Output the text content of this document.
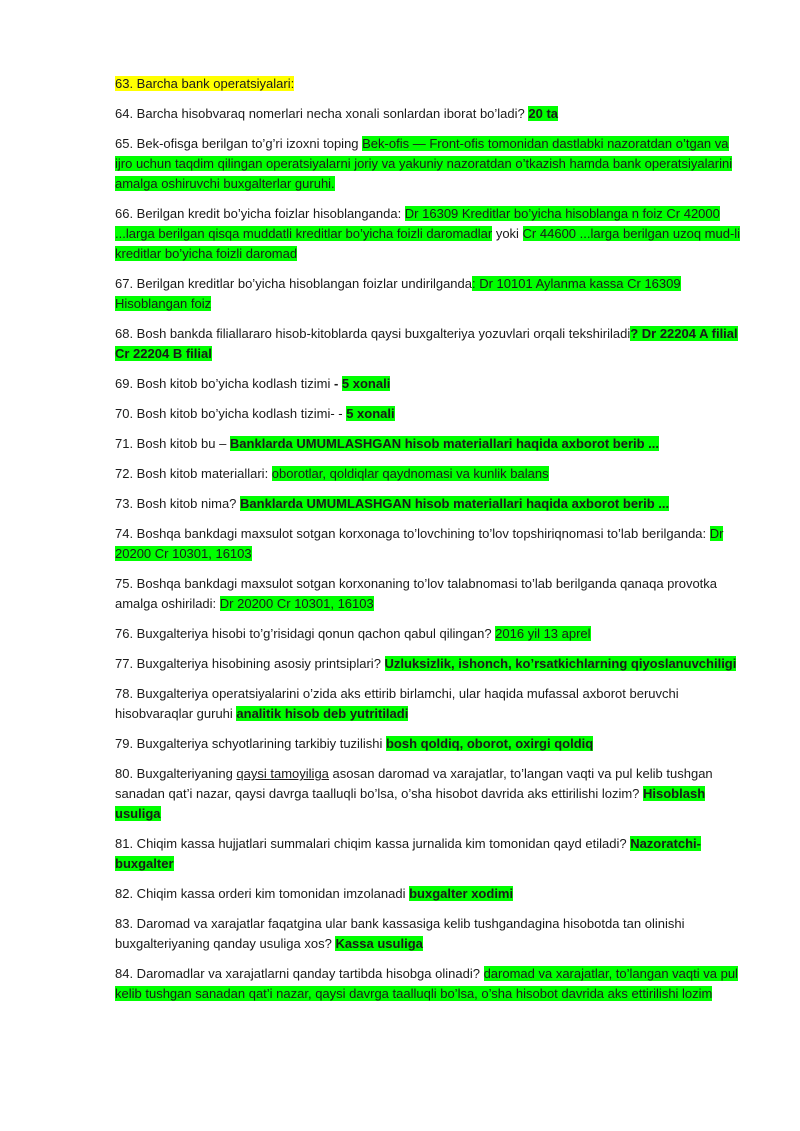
63. Barcha bank operatsiyalari:

64. Barcha hisobvaraq nomerlari necha xonali sonlardan iborat bo’ladi? 20 ta

65. Bek-ofisga berilgan to’g’ri izoxni toping Bek-ofis — Front-ofis tomonidan dastlabki nazoratdan o’tgan va ijro uchun taqdim qilingan operatsiyalarni joriy va yakuniy nazoratdan o’tkazish hamda bank operatsiyalarini amalga oshiruvchi buxgalterlar guruhi.

66. Berilgan kredit bo’yicha foizlar hisoblanganda: Dr 16309 Kreditlar bo’yicha hisoblanga n foiz Cr 42000 ...larga berilgan qisqa muddatli kreditlar bo’yicha foizli daromadlar yoki Cr 44600 ...larga berilgan uzoq mud-li kreditlar bo’yicha foizli daromad

67. Berilgan kreditlar bo’yicha hisoblangan foizlar undirilganda: Dr 10101 Aylanma kassa Cr 16309 Hisoblangan foiz

68. Bosh bankda filiallararo hisob-kitoblarda qaysi buxgalteriya yozuvlari orqali tekshiriladi? Dr 22204 A filial Cr 22204 B filial

69. Bosh kitob bo’yicha kodlash tizimi - 5 xonali

70. Bosh kitob bo’yicha kodlash tizimi- - 5 xonali

71. Bosh kitob bu – Banklarda UMUMLASHGAN hisob materiallari haqida axborot berib ...

72. Bosh kitob materiallari: oborotlar, qoldiqlar qaydnomasi va kunlik balans

73. Bosh kitob nima? Banklarda UMUMLASHGAN hisob materiallari haqida axborot berib ...

74. Boshqa bankdagi maxsulot sotgan korxonaga to’lovchining to’lov topshiriqnomasi to’lab berilganda: Dr 20200 Cr 10301, 16103

75. Boshqa bankdagi maxsulot sotgan korxonaning to’lov talabnomasi to’lab berilganda qanaqa provotka amalga oshiriladi: Dr 20200 Cr 10301, 16103

76. Buxgalteriya hisobi to’g’risidagi qonun qachon qabul qilingan? 2016 yil 13 aprel

77. Buxgalteriya hisobining asosiy printsiplari? Uzluksizlik, ishonch, ko’rsatkichlarning qiyoslanuvchiligi

78. Buxgalteriya operatsiyalarini o’zida aks ettirib birlamchi, ular haqida mufassal axborot beruvchi hisobvaraqlar guruhi analitik hisob deb yutritiladi

79. Buxgalteriya schyotlarining tarkibiy tuzilishi bosh qoldiq, oborot, oxirgi qoldiq

80. Buxgalteriyaning qaysi tamoyiliga asosan daromad va xarajatlar, to’langan vaqti va pul kelib tushgan sanadan qat’i nazar, qaysi davrga taalluqli bo’lsa, o’sha hisobot davrida aks ettirilishi lozim? Hisoblash usuliga

81. Chiqim kassa hujjatlari summalari chiqim kassa jurnalida kim tomonidan qayd etiladi? Nazoratchi-buxgalter

82. Chiqim kassa orderi kim tomonidan imzolanadi buxgalter xodimi

83. Daromad va xarajatlar faqatgina ular bank kassasiga kelib tushgandagina hisobotda tan olinishi buxgalteriyaning qanday usuliga xos? Kassa usuliga

84. Daromadlar va xarajatlarni qanday tartibda hisobga olinadi? daromad va xarajatlar, to’langan vaqti va pul kelib tushgan sanadan qat’i nazar, qaysi davrga taalluqli bo’lsa, o’sha hisobot davrida aks ettirilishi lozim
